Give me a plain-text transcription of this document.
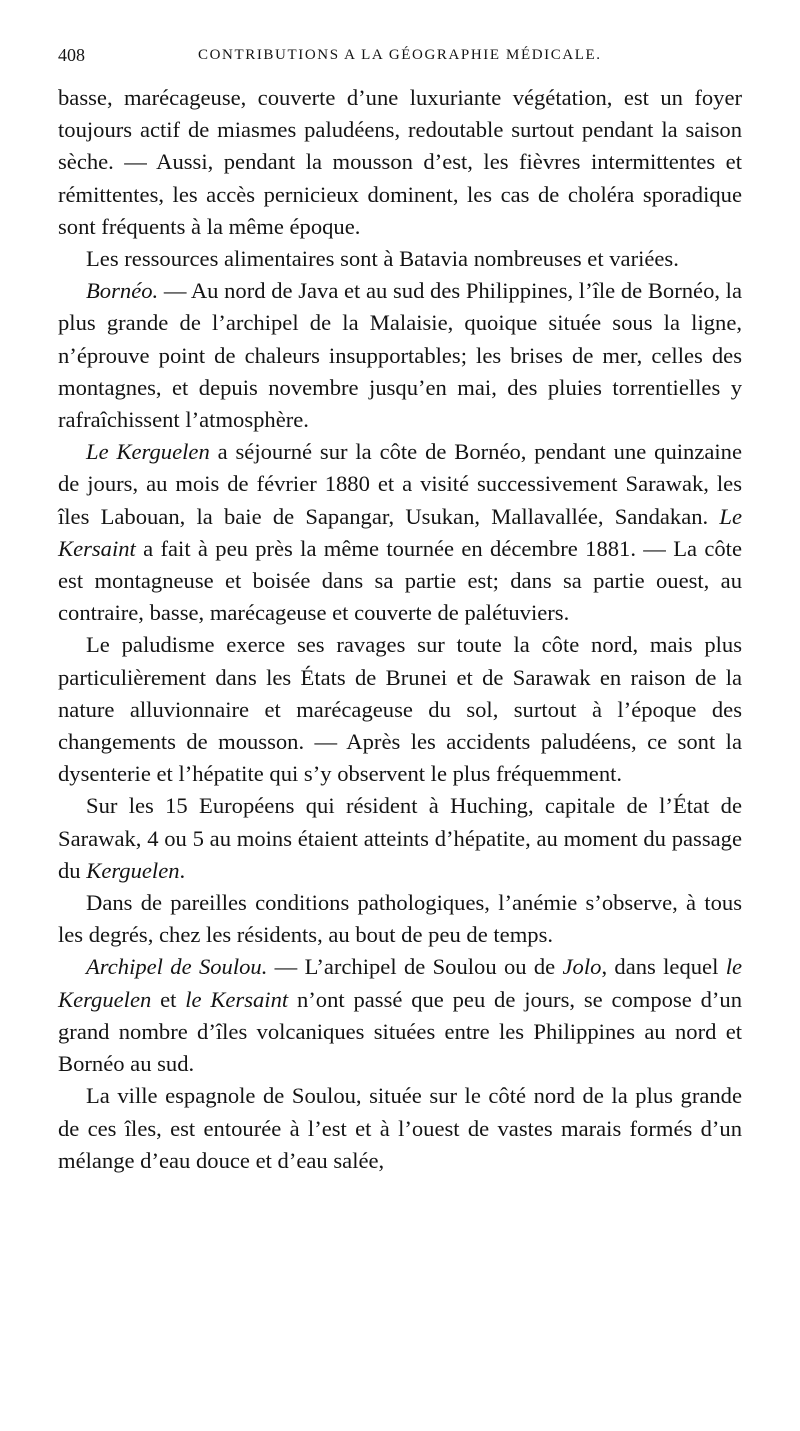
408	CONTRIBUTIONS A LA GÉOGRAPHIE MÉDICALE.

basse, marécageuse, couverte d’une luxuriante végétation, est un foyer toujours actif de miasmes paludéens, redoutable surtout pendant la saison sèche. — Aussi, pendant la mousson d’est, les fièvres intermittentes et rémittentes, les accès pernicieux dominent, les cas de choléra sporadique sont fréquents à la même époque.

Les ressources alimentaires sont à Batavia nombreuses et variées.

Bornéo. — Au nord de Java et au sud des Philippines, l’île de Bornéo, la plus grande de l’archipel de la Malaisie, quoique située sous la ligne, n’éprouve point de chaleurs insupportables; les brises de mer, celles des montagnes, et depuis novembre jusqu’en mai, des pluies torrentielles y rafraîchissent l’atmosphère.

Le Kerguelen a séjourné sur la côte de Bornéo, pendant une quinzaine de jours, au mois de février 1880 et a visité successivement Sarawak, les îles Labouan, la baie de Sapangar, Usukan, Mallavallée, Sandakan. Le Kersaint a fait à peu près la même tournée en décembre 1881. — La côte est montagneuse et boisée dans sa partie est; dans sa partie ouest, au contraire, basse, marécageuse et couverte de palétuviers.

Le paludisme exerce ses ravages sur toute la côte nord, mais plus particulièrement dans les États de Brunei et de Sarawak en raison de la nature alluvionnaire et marécageuse du sol, surtout à l’époque des changements de mousson. — Après les accidents paludéens, ce sont la dysenterie et l’hépatite qui s’y observent le plus fréquemment.

Sur les 15 Européens qui résident à Huching, capitale de l’État de Sarawak, 4 ou 5 au moins étaient atteints d’hépatite, au moment du passage du Kerguelen.

Dans de pareilles conditions pathologiques, l’anémie s’observe, à tous les degrés, chez les résidents, au bout de peu de temps.

Archipel de Soulou. — L’archipel de Soulou ou de Jolo, dans lequel le Kerguelen et le Kersaint n’ont passé que peu de jours, se compose d’un grand nombre d’îles volcaniques situées entre les Philippines au nord et Bornéo au sud.

La ville espagnole de Soulou, située sur le côté nord de la plus grande de ces îles, est entourée à l’est et à l’ouest de vastes marais formés d’un mélange d’eau douce et d’eau salée,
